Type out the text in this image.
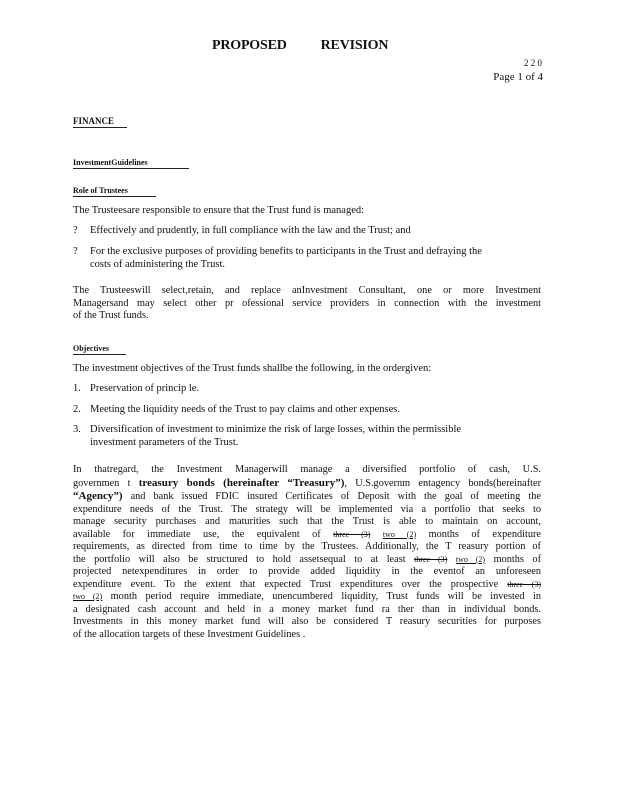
PROPOSED REVISION
2 2 0
Page 1 of 4
FINANCE
InvestmentGuidelines
Role of Trustees
The Trusteesare responsible to ensure that the Trust fund is managed:
? Effectively and prudently, in full compliance with the law and the Trust; and
? For the exclusive purposes of providing benefits to participants in the Trust and defraying the
costs of administering the Trust.
The Trusteeswill select,retain, and replace anInvestment Consultant, one or more Investment
Managersand may select other pr ofessional service providers in connection with the investment
of the Trust funds.
Objectives
The investment objectives of the Trust funds shallbe the following, in the ordergiven:
1. Preservation of princip le.
2. Meeting the liquidity needs of the Trust to pay claims and other expenses.
3. Diversification of investment to minimize the risk of large losses, within the permissible
investment parameters of the Trust.
In thatregard, the Investment Managerwill manage a diversified portfolio of cash, U.S.
governmen t treasury bonds (hereinafter “Treasury”), U.S.governm entagency bonds(hereinafter
“Agency”) and bank issued FDIC insured Certificates of Deposit with the goal of meeting the
expenditure needs of the Trust. The strategy will be implemented via a portfolio that seeks to
manage security purchases and maturities such that the Trust is able to maintain on account,
available for immediate use, the equivalent of three (3) two (2) months of expenditure
requirements, as directed from time to time by the Trustees. Additionally, the T reasury portion of
the portfolio will also be structured to hold assetsequal to at least three (3) two (2) months of
projected netexpenditures in order to provide added liquidity in the eventof an unforeseen
expenditure event. To the extent that expected Trust expenditures over the prospective three (3)
two (2) month period require immediate, unencumbered liquidity, Trust funds will be invested in
a designated cash account and held in a money market fund ra ther than in individual bonds.
Investments in this money market fund will also be considered T reasury securities for purposes
of the allocation targets of these Investment Guidelines .
